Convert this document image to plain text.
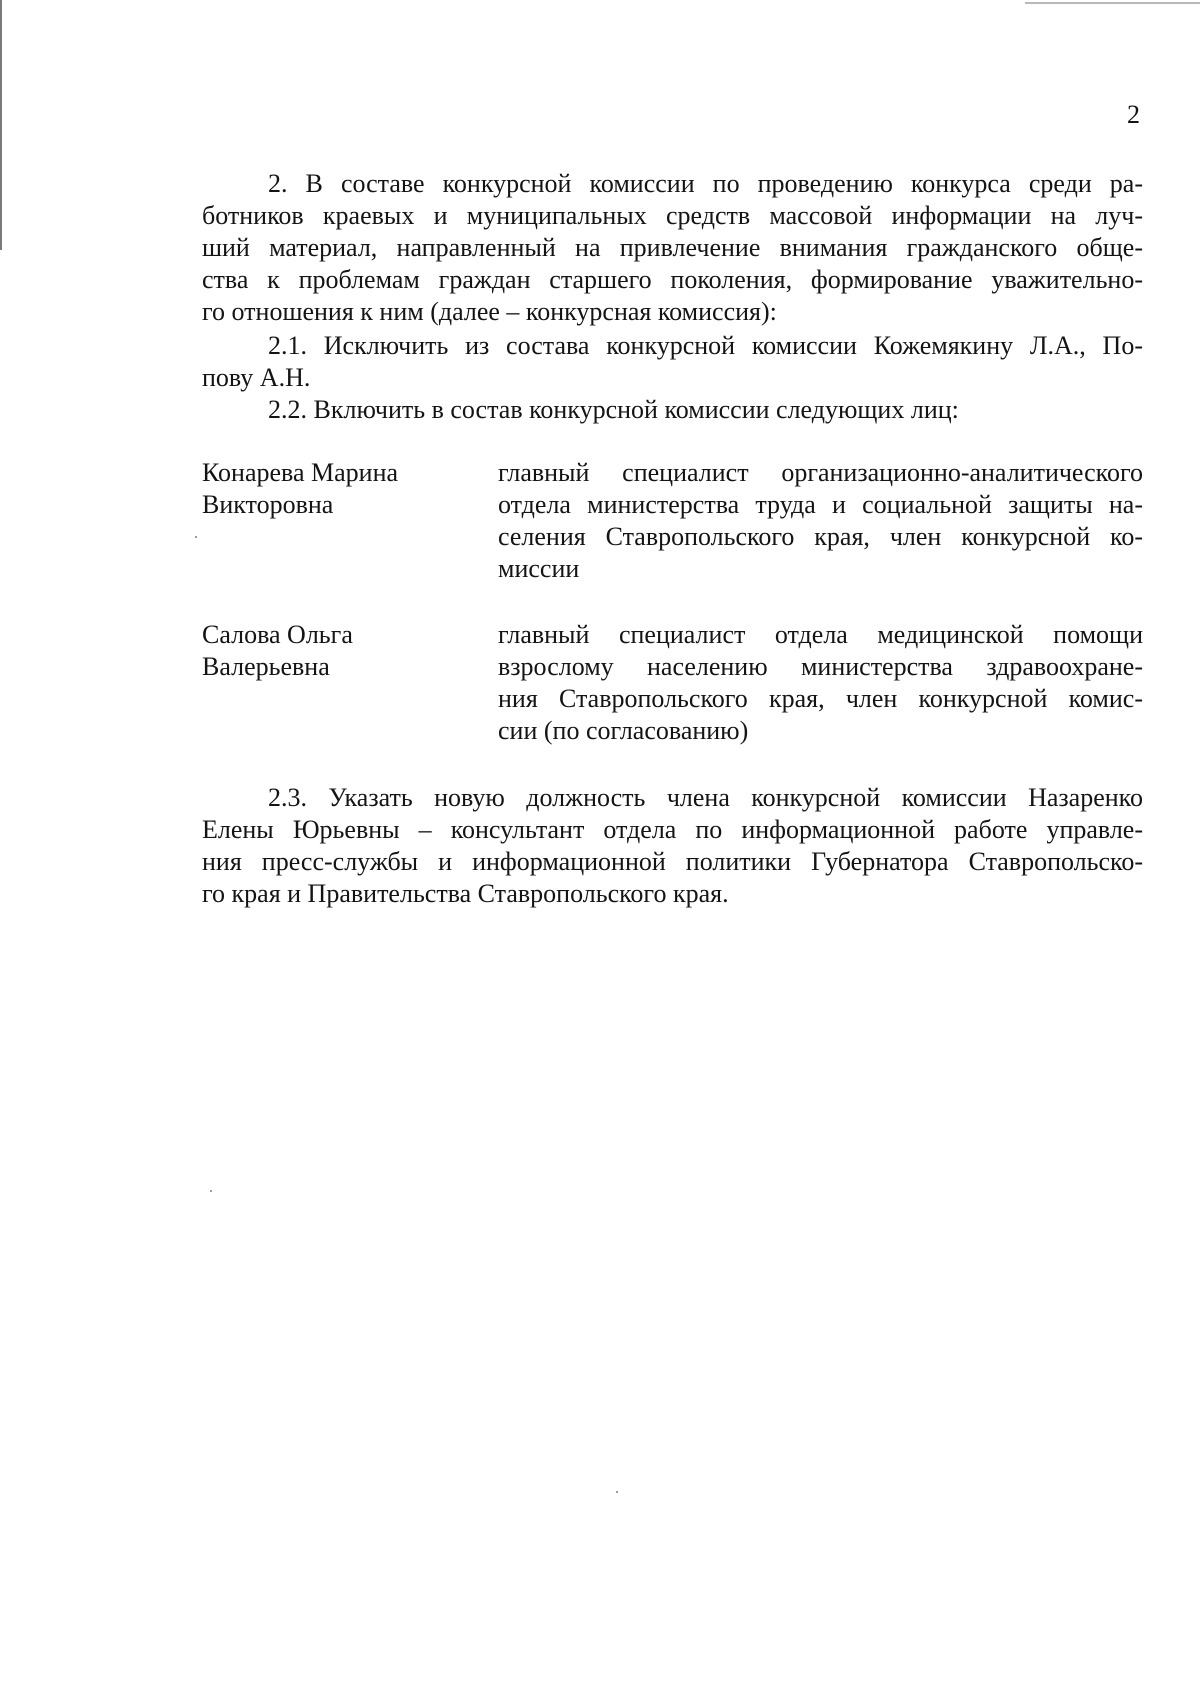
2

2. В составе конкурсной комиссии по проведению конкурса среди ра-
ботников краевых и муниципальных средств массовой информации на луч-
ший материал, направленный на привлечение внимания гражданского обще-
ства к проблемам граждан старшего поколения, формирование уважительно-
го отношения к ним (далее – конкурсная комиссия):

2.1. Исключить из состава конкурсной комиссии Кожемякину Л.А., По-
пову А.Н.

2.2. Включить в состав конкурсной комиссии следующих лиц:

Конарева Марина
Викторовна
главный специалист организационно-аналитического
отдела министерства труда и социальной защиты на-
селения Ставропольского края, член конкурсной ко-
миссии
Салова Ольга
Валерьевна
главный специалист отдела медицинской помощи
взрослому населению министерства здравоохране-
ния Ставропольского края, член конкурсной комис-
сии (по согласованию)

2.3. Указать новую должность члена конкурсной комиссии Назаренко
Елены Юрьевны – консультант отдела по информационной работе управле-
ния пресс-службы и информационной политики Губернатора Ставропольско-
го края и Правительства Ставропольского края.
